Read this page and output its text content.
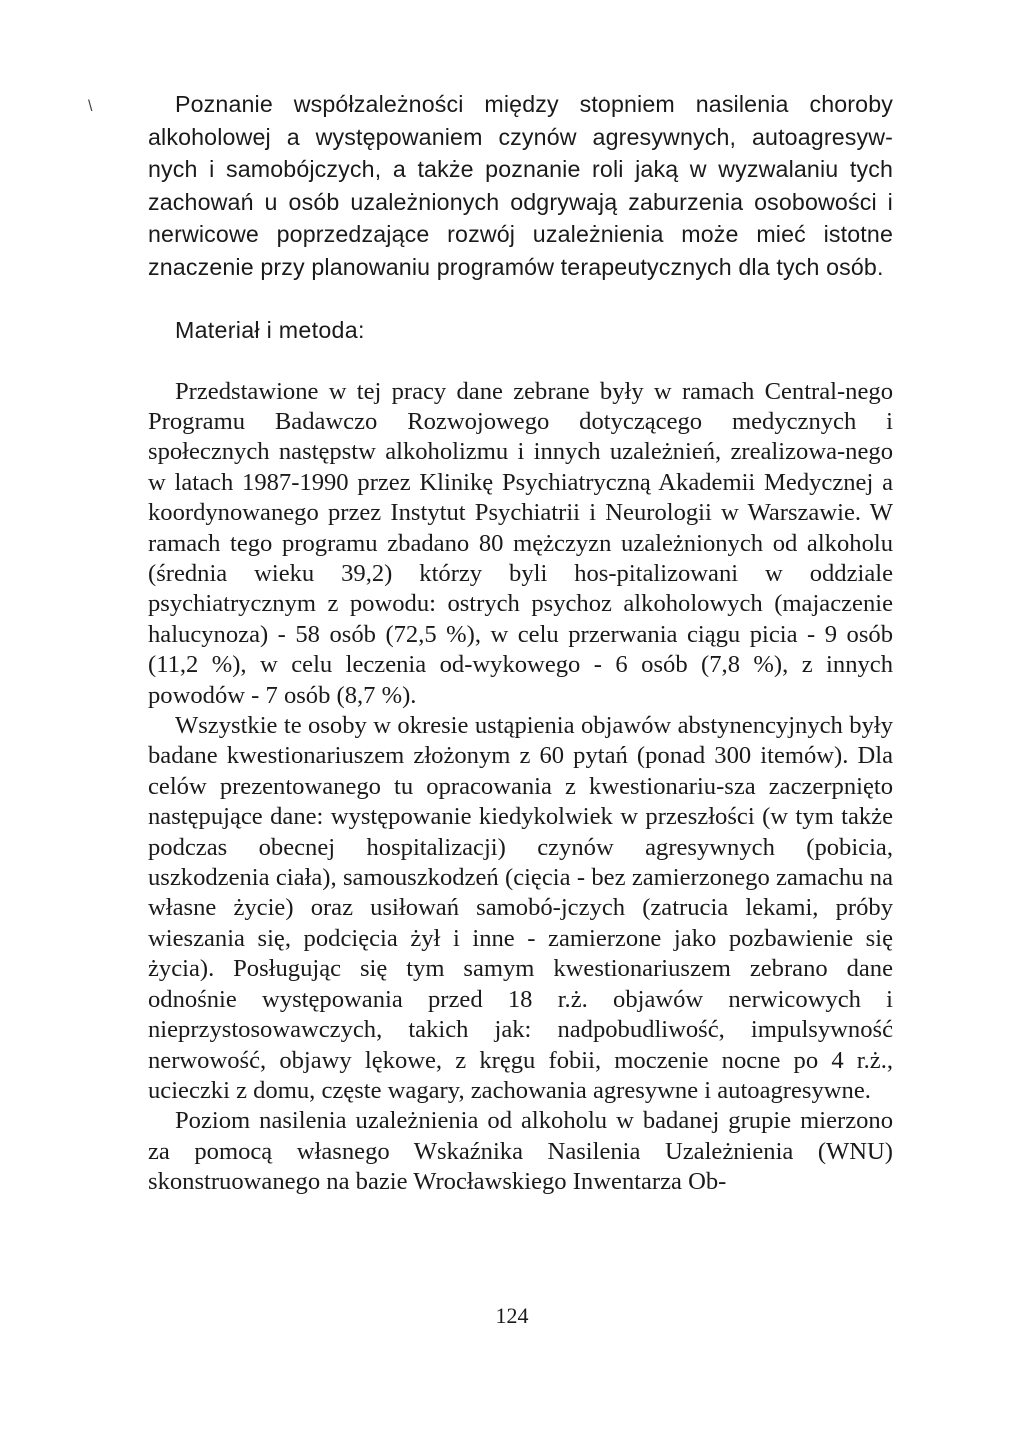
\	Poznanie współzależności między stopniem nasilenia choroby alkoholowej a występowaniem czynów agresywnych, autoagresyw-nych i samobójczych, a także poznanie roli jaką w wyzwalaniu tych zachowań u osób uzależnionych odgrywają zaburzenia osobowości i nerwicowe poprzedzające rozwój uzależnienia może mieć istotne znaczenie przy planowaniu programów terapeutycznych dla tych osób.

Materiał i metoda:

Przedstawione w tej pracy dane zebrane były w ramach Central-nego Programu Badawczo Rozwojowego dotyczącego medycznych i społecznych następstw alkoholizmu i innych uzależnień, zrealizowa-nego w latach 1987-1990 przez Klinikę Psychiatryczną Akademii Medycznej a koordynowanego przez Instytut Psychiatrii i Neurologii w Warszawie. W ramach tego programu zbadano 80 mężczyzn uzależnionych od alkoholu (średnia wieku 39,2) którzy byli hos-pitalizowani w oddziale psychiatrycznym z powodu: ostrych psychoz alkoholowych (majaczenie halucynoza) - 58 osób (72,5 %), w celu przerwania ciągu picia - 9 osób (11,2 %), w celu leczenia od-wykowego - 6 osób (7,8 %), z innych powodów - 7 osób (8,7 %).

Wszystkie te osoby w okresie ustąpienia objawów abstynencyjnych były badane kwestionariuszem złożonym z 60 pytań (ponad 300 itemów). Dla celów prezentowanego tu opracowania z kwestionariu-sza zaczerpnięto następujące dane: występowanie kiedykolwiek w przeszłości (w tym także podczas obecnej hospitalizacji) czynów agresywnych (pobicia, uszkodzenia ciała), samouszkodzeń (cięcia - bez zamierzonego zamachu na własne życie) oraz usiłowań samobó-jczych (zatrucia lekami, próby wieszania się, podcięcia żył i inne - zamierzone jako pozbawienie się życia). Posługując się tym samym kwestionariuszem zebrano dane odnośnie występowania przed 18 r.ż. objawów nerwicowych i nieprzystosowawczych, takich jak: nadpobudliwość, impulsywność nerwowość, objawy lękowe, z kręgu fobii, moczenie nocne po 4 r.ż., ucieczki z domu, częste wagary, zachowania agresywne i autoagresywne.

Poziom nasilenia uzależnienia od alkoholu w badanej grupie mierzono za pomocą własnego Wskaźnika Nasilenia Uzależnienia (WNU) skonstruowanego na bazie Wrocławskiego Inwentarza Ob-

124
